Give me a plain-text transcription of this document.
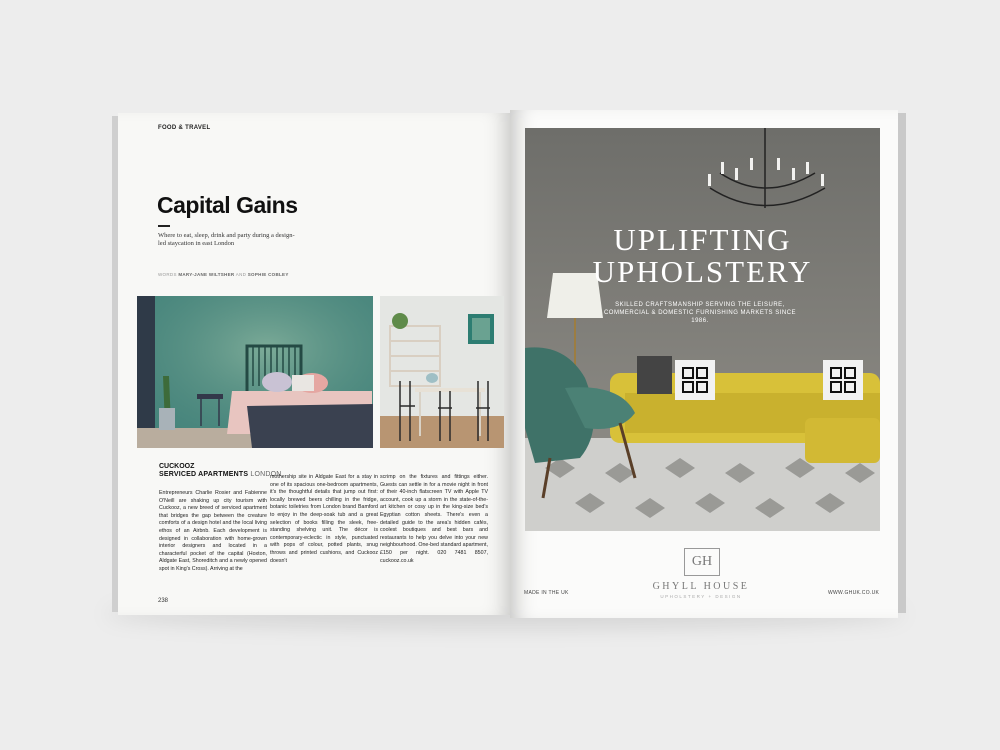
FOOD & TRAVEL
Capital Gains
Where to eat, sleep, drink and party during a design-led staycation in east London
WORDS MARY-JANE WILTSHER AND SOPHIE COBLEY
CUCKOOZ
SERVICED APARTMENTS LONDON
Entrepreneurs Charlie Rosier and Fabienne O'Neill are shaking up city tourism with Cuckooz, a new breed of serviced apartment that bridges the gap between the creature comforts of a design hotel and the local living ethos of an Airbnb. Each development is designed in collaboration with home-grown interior designers and located in a characterful pocket of the capital (Hoxton, Aldgate East, Shoreditch and a newly opened spot in King's Cross). Arriving at the
mothership site in Aldgate East for a stay in one of its spacious one-bedroom apartments, it's the thoughtful details that jump out first: locally brewed beers chilling in the fridge, botanic toiletries from London brand Bamford to enjoy in the deep-soak tub and a great selection of books filling the sleek, free-standing shelving unit. The décor is contemporary-eclectic in style, punctuated with pops of colour, potted plants, snug throws and printed cushions, and Cuckooz doesn't
scrimp on the fixtures and fittings either. Guests can settle in for a movie night in front of their 40-inch flatscreen TV with Apple TV account, cook up a storm in the state-of-the-art kitchen or cosy up in the king-size bed's Egyptian cotton sheets. There's even a detailed guide to the area's hidden cafés, coolest boutiques and best bars and restaurants to help you delve into your new neighbourhood. One-bed standard apartment, £150 per night. 020 7481 8507, cuckooz.co.uk
238
UPLIFTING
UPHOLSTERY
SKILLED CRAFTSMANSHIP SERVING THE LEISURE, COMMERCIAL & DOMESTIC FURNISHING MARKETS SINCE 1986.
GH
GHYLL HOUSE
UPHOLSTERY + DESIGN
MADE IN THE UK	WWW.GHUK.CO.UK
